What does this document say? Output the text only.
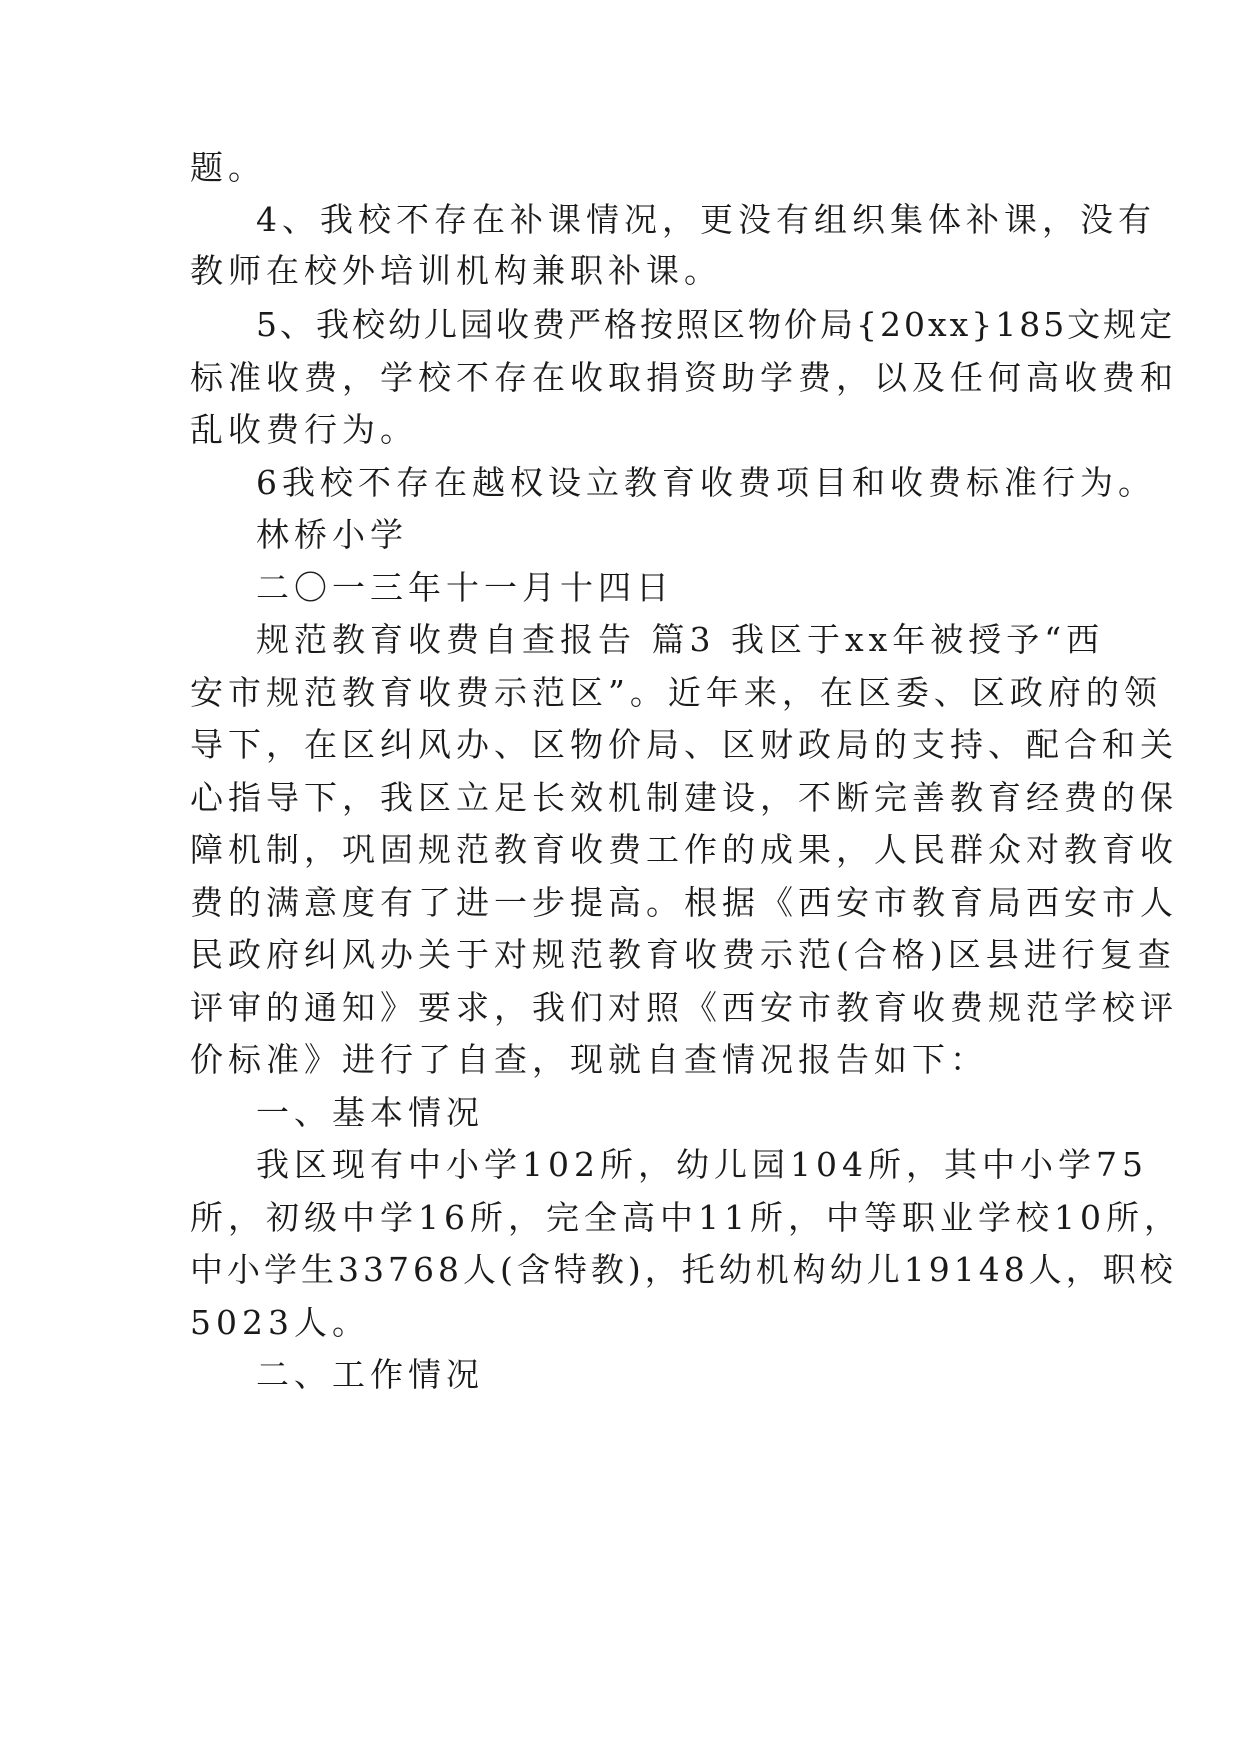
题。

4、我校不存在补课情况，更没有组织集体补课，没有

教师在校外培训机构兼职补课。

5、我校幼儿园收费严格按照区物价局{20xx}185文规定

标准收费，学校不存在收取捐资助学费，以及任何高收费和

乱收费行为。

6我校不存在越权设立教育收费项目和收费标准行为。

林桥小学

二〇一三年十一月十四日

规范教育收费自查报告 篇3 我区于xx年被授予“西

安市规范教育收费示范区”。近年来，在区委、区政府的领

导下，在区纠风办、区物价局、区财政局的支持、配合和关

心指导下，我区立足长效机制建设，不断完善教育经费的保

障机制，巩固规范教育收费工作的成果，人民群众对教育收

费的满意度有了进一步提高。根据《西安市教育局西安市人

民政府纠风办关于对规范教育收费示范(合格)区县进行复查

评审的通知》要求，我们对照《西安市教育收费规范学校评

价标准》进行了自查，现就自查情况报告如下：

一、基本情况

我区现有中小学102所，幼儿园104所，其中小学75

所，初级中学16所，完全高中11所，中等职业学校10所，

中小学生33768人(含特教)，托幼机构幼儿19148人，职校

5023人。

二、工作情况
